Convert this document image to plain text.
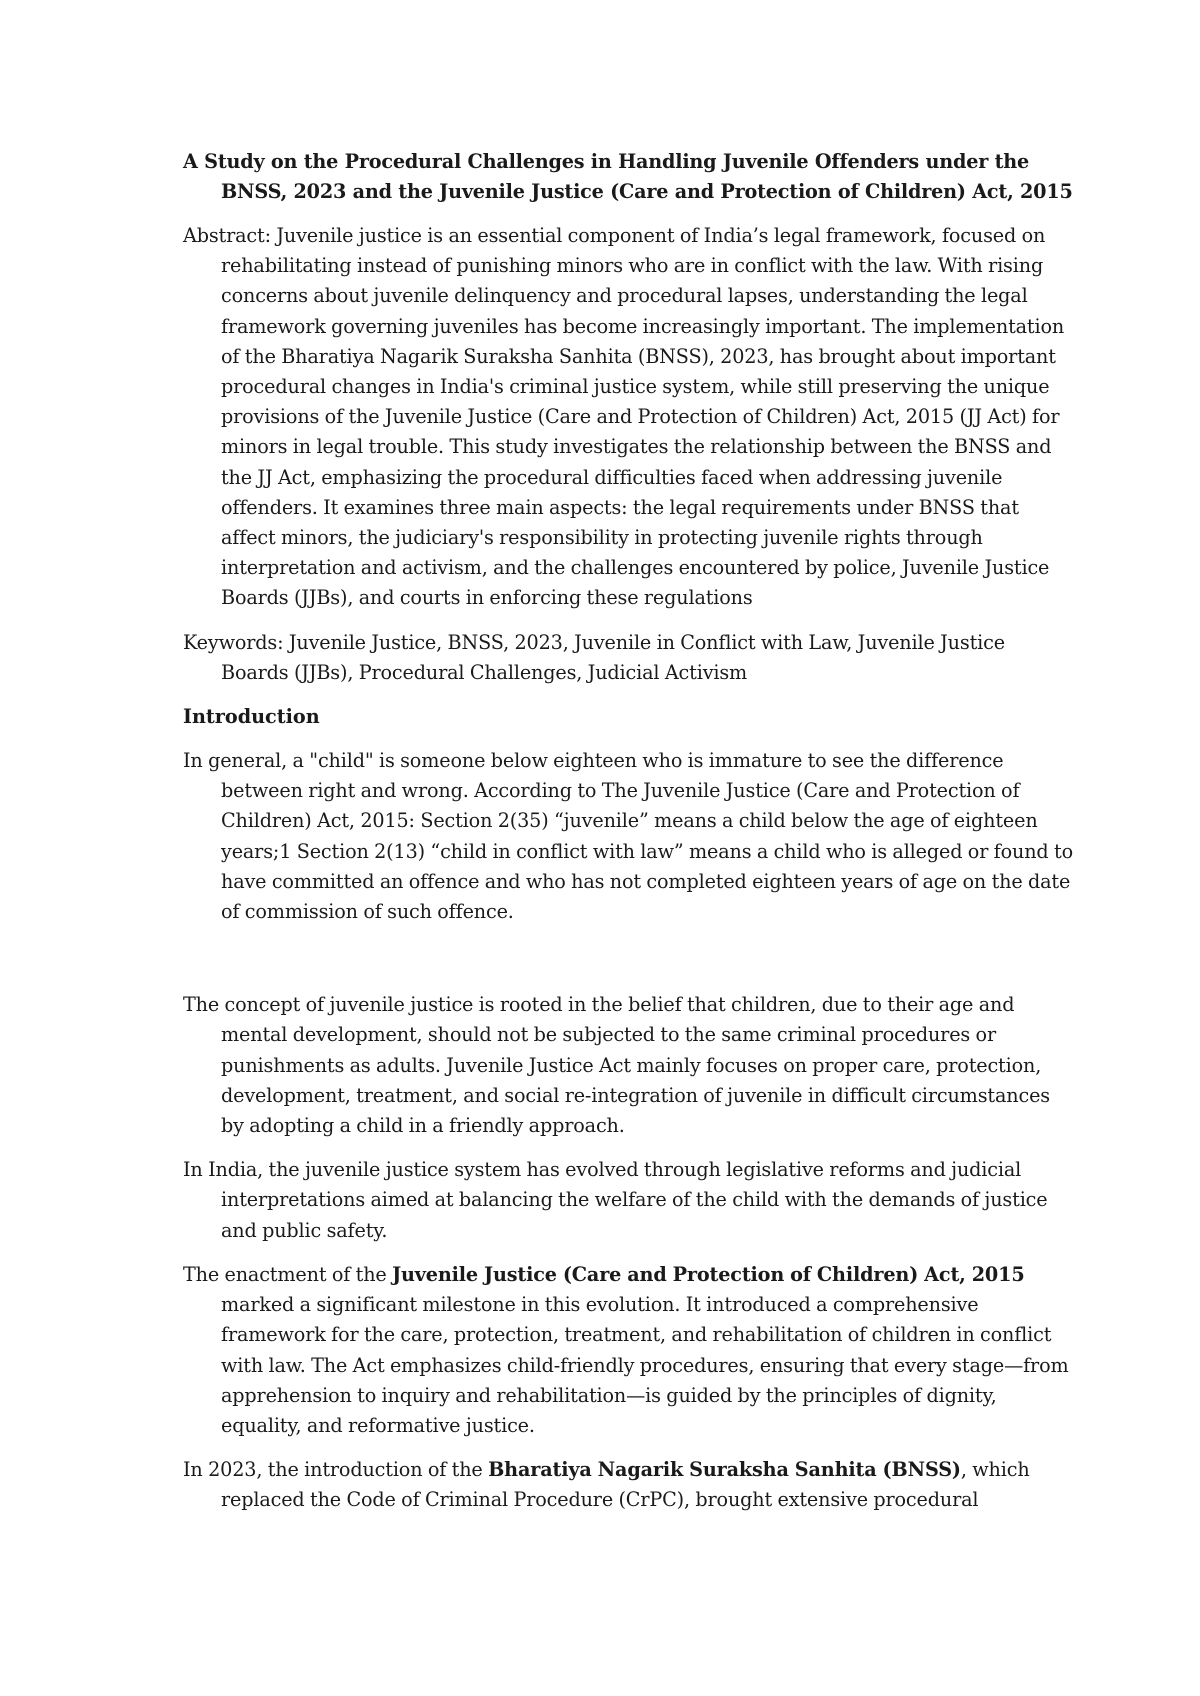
A Study on the Procedural Challenges in Handling Juvenile Offenders under the BNSS, 2023 and the Juvenile Justice (Care and Protection of Children) Act, 2015

Abstract: Juvenile justice is an essential component of India’s legal framework, focused on rehabilitating instead of punishing minors who are in conflict with the law. With rising concerns about juvenile delinquency and procedural lapses, understanding the legal framework governing juveniles has become increasingly important. The implementation of the Bharatiya Nagarik Suraksha Sanhita (BNSS), 2023, has brought about important procedural changes in India's criminal justice system, while still preserving the unique provisions of the Juvenile Justice (Care and Protection of Children) Act, 2015 (JJ Act) for minors in legal trouble. This study investigates the relationship between the BNSS and the JJ Act, emphasizing the procedural difficulties faced when addressing juvenile offenders. It examines three main aspects: the legal requirements under BNSS that affect minors, the judiciary's responsibility in protecting juvenile rights through interpretation and activism, and the challenges encountered by police, Juvenile Justice Boards (JJBs), and courts in enforcing these regulations

Keywords: Juvenile Justice, BNSS, 2023, Juvenile in Conflict with Law, Juvenile Justice Boards (JJBs), Procedural Challenges, Judicial Activism

Introduction

In general, a "child" is someone below eighteen who is immature to see the difference between right and wrong. According to The Juvenile Justice (Care and Protection of Children) Act, 2015: Section 2(35) “juvenile” means a child below the age of eighteen years;1 Section 2(13) “child in conflict with law” means a child who is alleged or found to have committed an offence and who has not completed eighteen years of age on the date of commission of such offence.

The concept of juvenile justice is rooted in the belief that children, due to their age and mental development, should not be subjected to the same criminal procedures or punishments as adults. Juvenile Justice Act mainly focuses on proper care, protection, development, treatment, and social re-integration of juvenile in difficult circumstances by adopting a child in a friendly approach.

In India, the juvenile justice system has evolved through legislative reforms and judicial interpretations aimed at balancing the welfare of the child with the demands of justice and public safety.

The enactment of the Juvenile Justice (Care and Protection of Children) Act, 2015 marked a significant milestone in this evolution. It introduced a comprehensive framework for the care, protection, treatment, and rehabilitation of children in conflict with law. The Act emphasizes child-friendly procedures, ensuring that every stage—from apprehension to inquiry and rehabilitation—is guided by the principles of dignity, equality, and reformative justice.

In 2023, the introduction of the Bharatiya Nagarik Suraksha Sanhita (BNSS), which replaced the Code of Criminal Procedure (CrPC), brought extensive procedural
